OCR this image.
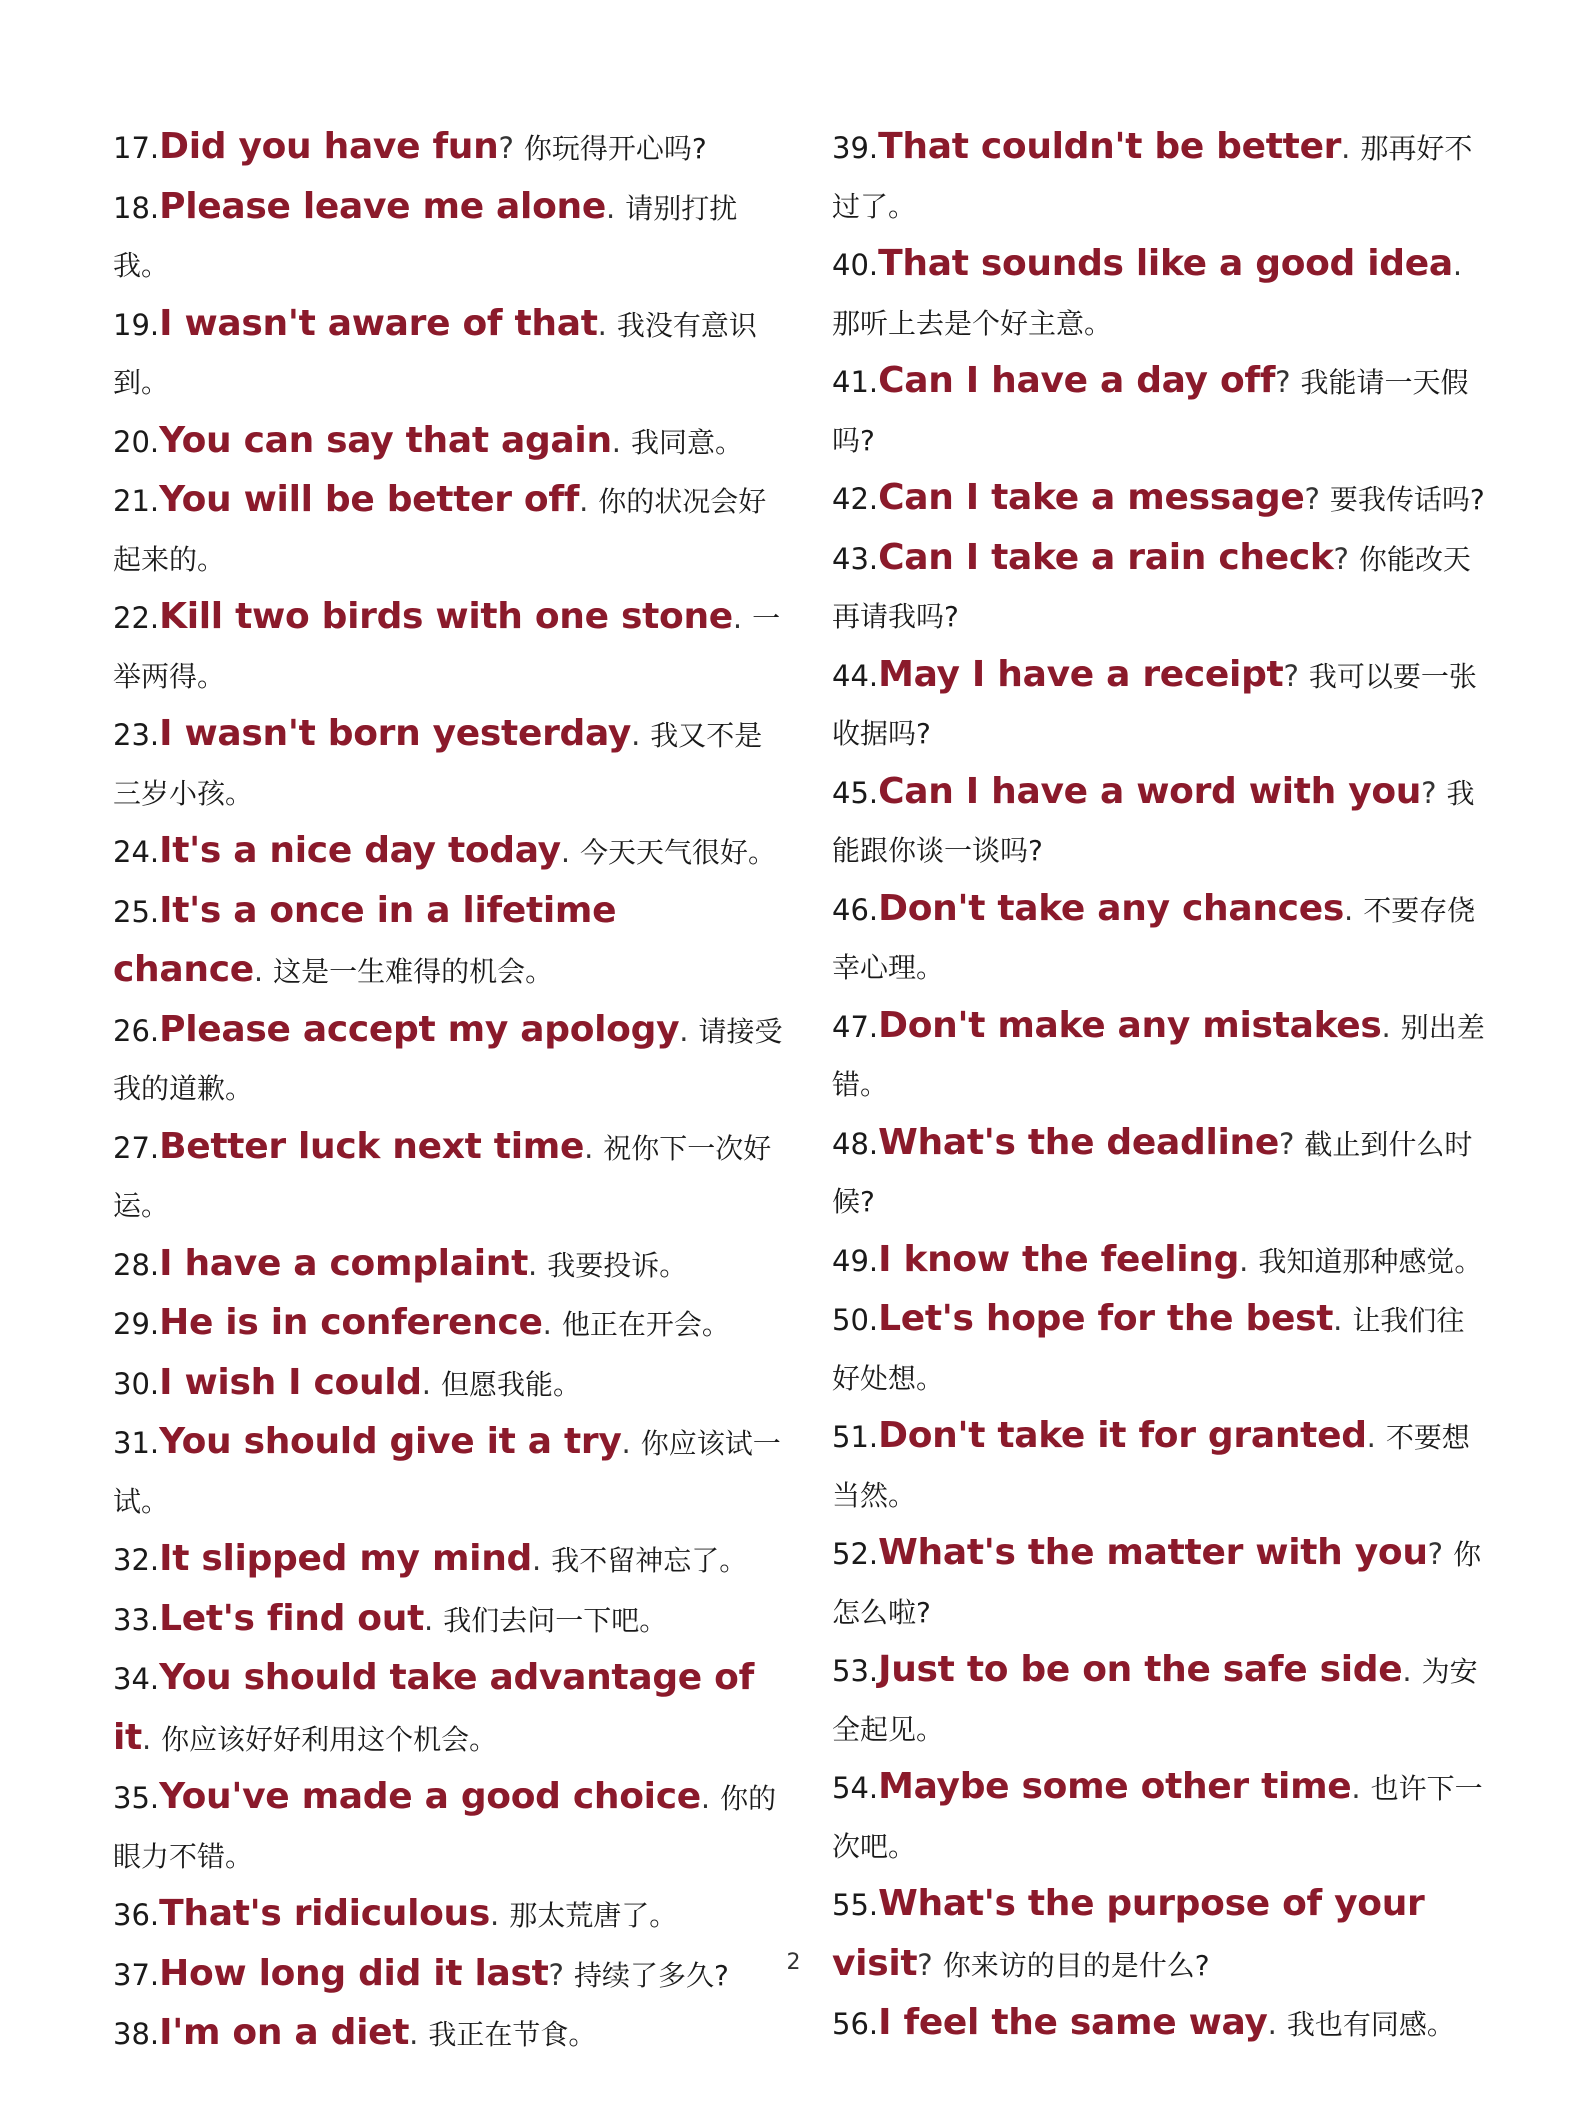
17.Did you have fun? 你玩得开心吗?

18.Please leave me alone. 请别打扰我。

19.I wasn't aware of that. 我没有意识到。

20.You can say that again. 我同意。

21.You will be better off. 你的状况会好起来的。

22.Kill two birds with one stone. 一举两得。

23.I wasn't born yesterday. 我又不是三岁小孩。

24.It's a nice day today. 今天天气很好。

25.It's a once in a lifetime chance. 这是一生难得的机会。

26.Please accept my apology. 请接受我的道歉。

27.Better luck next time. 祝你下一次好运。

28.I have a complaint. 我要投诉。

29.He is in conference. 他正在开会。

30.I wish I could. 但愿我能。

31.You should give it a try. 你应该试一试。

32.It slipped my mind. 我不留神忘了。

33.Let's find out. 我们去问一下吧。

34.You should take advantage of it. 你应该好好利用这个机会。

35.You've made a good choice. 你的眼力不错。

36.That's ridiculous. 那太荒唐了。

37.How long did it last? 持续了多久?

38.I'm on a diet. 我正在节食。

39.That couldn't be better. 那再好不过了。

40.That sounds like a good idea.那听上去是个好主意。

41.Can I have a day off? 我能请一天假吗?

42.Can I take a message? 要我传话吗?

43.Can I take a rain check? 你能改天再请我吗?

44.May I have a receipt? 我可以要一张收据吗?

45.Can I have a word with you? 我能跟你谈一谈吗?

46.Don't take any chances. 不要存侥幸心理。

47.Don't make any mistakes. 别出差错。

48.What's the deadline? 截止到什么时候?

49.I know the feeling. 我知道那种感觉。

50.Let's hope for the best. 让我们往好处想。

51.Don't take it for granted. 不要想当然。

52.What's the matter with you? 你怎么啦?

53.Just to be on the safe side. 为安全起见。

54.Maybe some other time. 也许下一次吧。

55.What's the purpose of your visit? 你来访的目的是什么?

56.I feel the same way. 我也有同感。

2
